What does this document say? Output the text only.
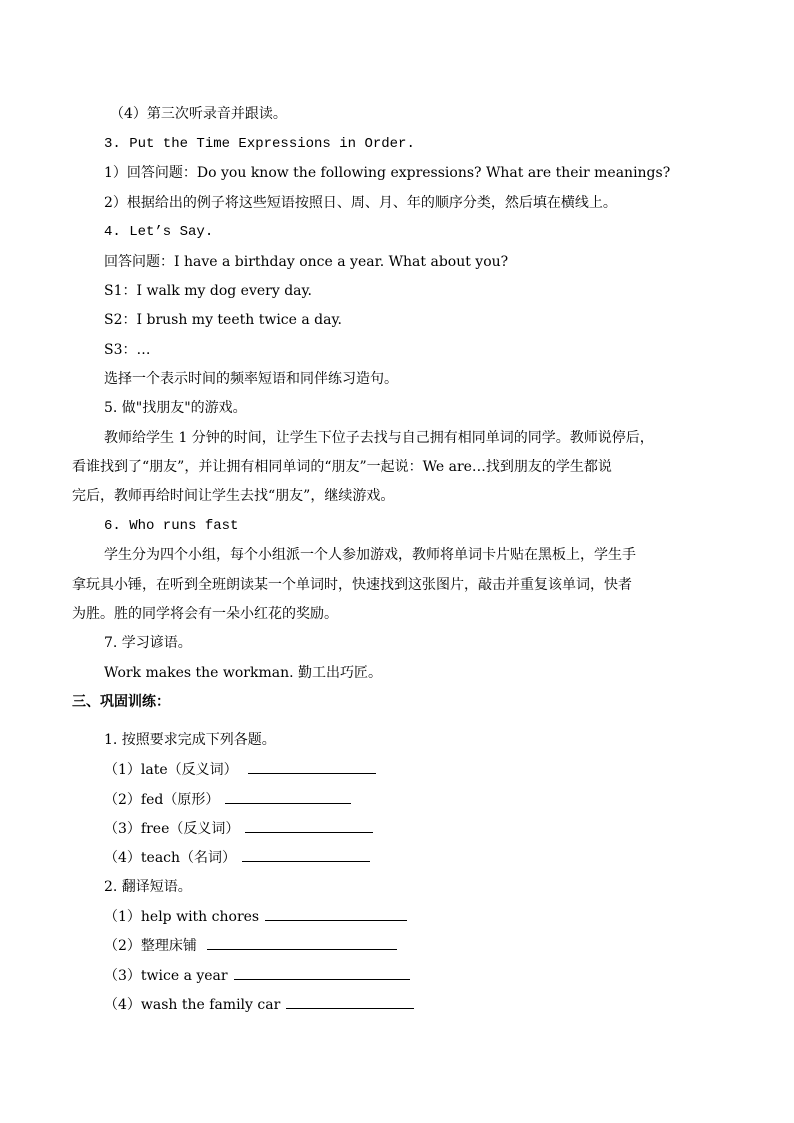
（4）第三次听录音并跟读。
3. Put the Time Expressions in Order.
1）回答问题：Do you know the following expressions? What are their meanings?
2）根据给出的例子将这些短语按照日、周、月、年的顺序分类，然后填在横线上。
4. Let’s Say.
回答问题：I have a birthday once a year. What about you?
S1：I walk my dog every day.
S2：I brush my teeth twice a day.
S3：…
选择一个表示时间的频率短语和同伴练习造句。
5. 做"找朋友"的游戏。
教师给学生 1 分钟的时间，让学生下位子去找与自己拥有相同单词的同学。教师说停后，
看谁找到了“朋友”，并让拥有相同单词的“朋友”一起说：We are…找到朋友的学生都说
完后，教师再给时间让学生去找“朋友”，继续游戏。
6. Who runs fast
学生分为四个小组，每个小组派一个人参加游戏，教师将单词卡片贴在黑板上，学生手
拿玩具小锤，在听到全班朗读某一个单词时，快速找到这张图片，敲击并重复该单词，快者
为胜。胜的同学将会有一朵小红花的奖励。
7. 学习谚语。
Work makes the workman. 勤工出巧匠。
三、巩固训练：
1. 按照要求完成下列各题。
（1）late（反义词）
（2）fed（原形）
（3）free（反义词）
（4）teach（名词）
2. 翻译短语。
（1）help with chores
（2）整理床铺
（3）twice a year
（4）wash the family car
